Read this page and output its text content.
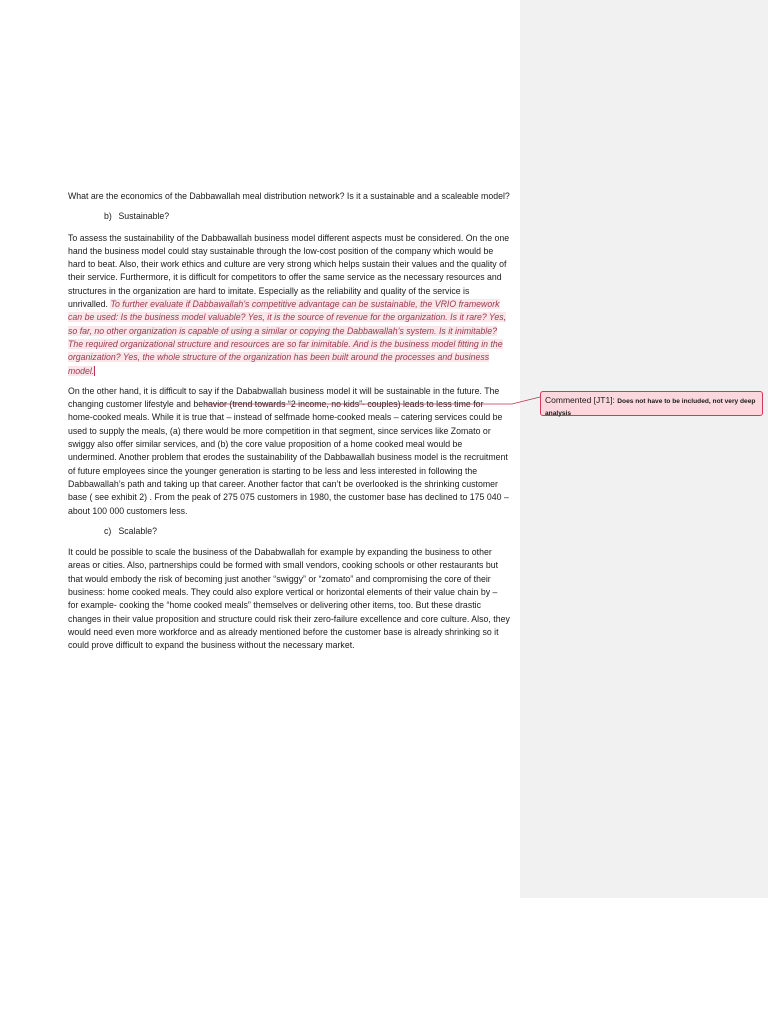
What are the economics of the Dabbawallah meal distribution network? Is it a sustainable and a scaleable model?

b) Sustainable?

To assess the sustainability of the Dabbawallah business model different aspects must be considered. On the one hand the business model could stay sustainable through the low-cost position of the company which would be hard to beat. Also, their work ethics and culture are very strong which helps sustain their values and the quality of their service. Furthermore, it is difficult for competitors to offer the same service as the necessary resources and structures in the organization are hard to imitate. Especially as the reliability and quality of the service is unrivalled. To further evaluate if Dabbawallah’s competitive advantage can be sustainable, the VRIO framework can be used: Is the business model valuable? Yes, it is the source of revenue for the organization. Is it rare? Yes, so far, no other organization is capable of using a similar or copying the Dabbawallah’s system. Is it inimitable? The required organizational structure and resources are so far inimitable. And is the business model fitting in the organization? Yes, the whole structure of the organization has been built around the processes and business model.

On the other hand, it is difficult to say if the Dababwallah business model it will be sustainable in the future. The changing customer lifestyle and behavior (trend towards “2 income, no kids”- couples) leads to less time for home-cooked meals. While it is true that – instead of selfmade home-cooked meals – catering services could be used to supply the meals, (a) there would be more competition in that segment, since services like Zomato or swiggy also offer similar services, and (b) the core value proposition of a home cooked meal would be undermined. Another problem that erodes the sustainability of the Dabbawallah business model is the recruitment of future employees since the younger generation is starting to be less and less interested in following the Dabbawallah’s path and taking up that career. Another factor that can’t be overlooked is the shrinking customer base ( see exhibit 2) . From the peak of 275 075 customers in 1980, the customer base has declined to 175 040 – about 100 000 customers less.

c) Scalable?

It could be possible to scale the business of the Dababwallah for example by expanding the business to other areas or cities. Also, partnerships could be formed with small vendors, cooking schools or other restaurants but that would embody the risk of becoming just another “swiggy” or “zomato” and compromising the core of their business: home cooked meals. They could also explore vertical or horizontal elements of their value chain by – for example- cooking the “home cooked meals” themselves or delivering other items, too. But these drastic changes in their value proposition and structure could risk their zero-failure excellence and core culture. Also, they would need even more workforce and as already mentioned before the customer base is already shrinking so it could prove difficult to expand the business without the necessary market.

Commented [JT1]: Does not have to be included, not very deep analysis
